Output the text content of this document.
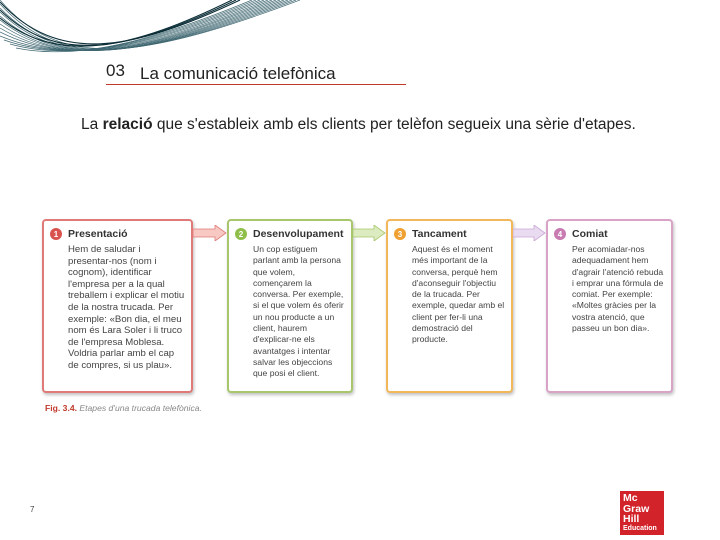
03 La comunicació telefònica
La relació que s'estableix amb els clients per telèfon segueix una sèrie d'etapes.
1 Presentació
Hem de saludar i presentar-nos (nom i cognom), identificar l'empresa per a la qual treballem i explicar el motiu de la nostra trucada. Per exemple: «Bon dia, el meu nom és Lara Soler i li truco de l'empresa Moblesa. Voldria parlar amb el cap de compres, si us plau».
2 Desenvolupament
Un cop estiguem parlant amb la persona que volem, començarem la conversa. Per exemple, si el que volem és oferir un nou producte a un client, haurem d'explicar-ne els avantatges i intentar salvar les objeccions que posi el client.
3 Tancament
Aquest és el moment més important de la conversa, perquè hem d'aconseguir l'objectiu de la trucada. Per exemple, quedar amb el client per fer-li una demostració del producte.
4 Comiat
Per acomiadar-nos adequadament hem d'agrair l'atenció rebuda i emprar una fórmula de comiat. Per exemple: «Moltes gràcies per la vostra atenció, que passeu un bon dia».
Fig. 3.4. Etapes d'una trucada telefònica.
7
Mc
Graw
Hill
Education
